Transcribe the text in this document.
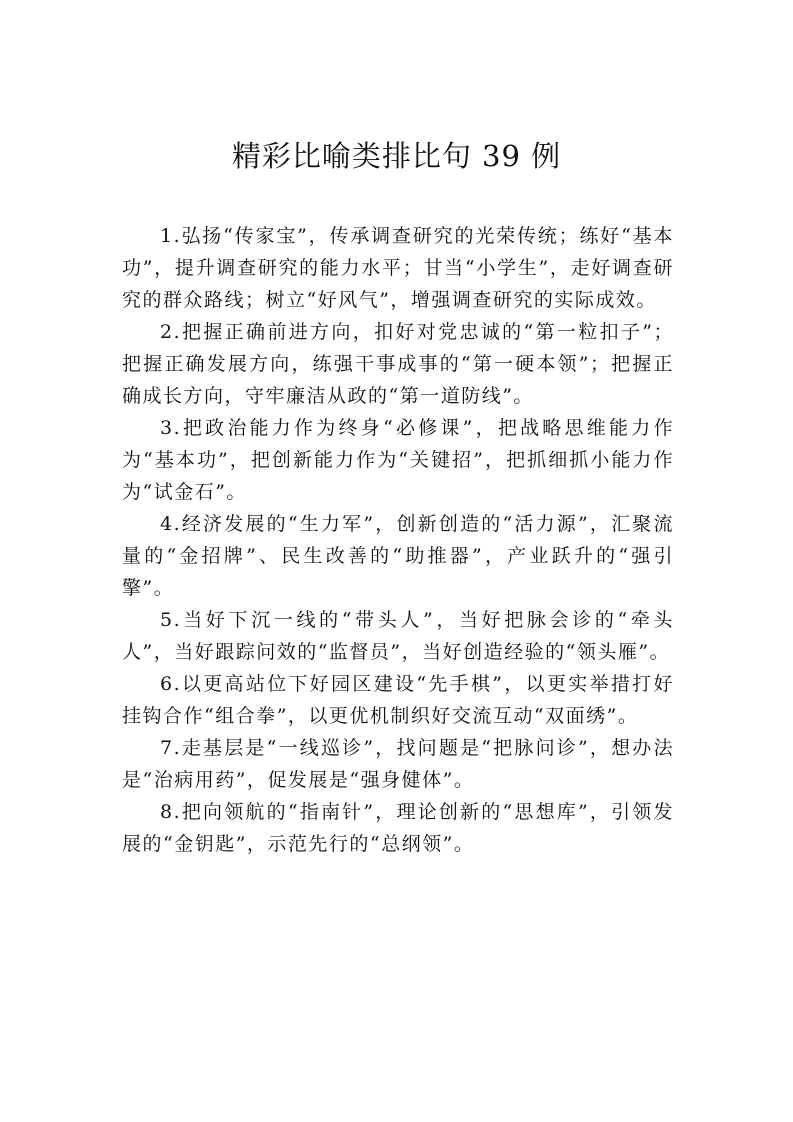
精彩比喻类排比句 39 例

1.弘扬“传家宝”，传承调查研究的光荣传统；练好“基本功”，提升调查研究的能力水平；甘当“小学生”，走好调查研究的群众路线；树立“好风气”，增强调查研究的实际成效。

2.把握正确前进方向，扣好对党忠诚的“第一粒扣子”；把握正确发展方向，练强干事成事的“第一硬本领”；把握正确成长方向，守牢廉洁从政的“第一道防线”。

3.把政治能力作为终身“必修课”，把战略思维能力作为“基本功”，把创新能力作为“关键招”，把抓细抓小能力作为“试金石”。

4.经济发展的“生力军”，创新创造的“活力源”，汇聚流量的“金招牌”、民生改善的“助推器”，产业跃升的“强引擎”。

5.当好下沉一线的“带头人”，当好把脉会诊的“牵头人”，当好跟踪问效的“监督员”，当好创造经验的“领头雁”。

6.以更高站位下好园区建设“先手棋”，以更实举措打好挂钩合作“组合拳”，以更优机制织好交流互动“双面绣”。

7.走基层是“一线巡诊”，找问题是“把脉问诊”，想办法是“治病用药”，促发展是“强身健体”。

8.把向领航的“指南针”，理论创新的“思想库”，引领发展的“金钥匙”，示范先行的“总纲领”。
